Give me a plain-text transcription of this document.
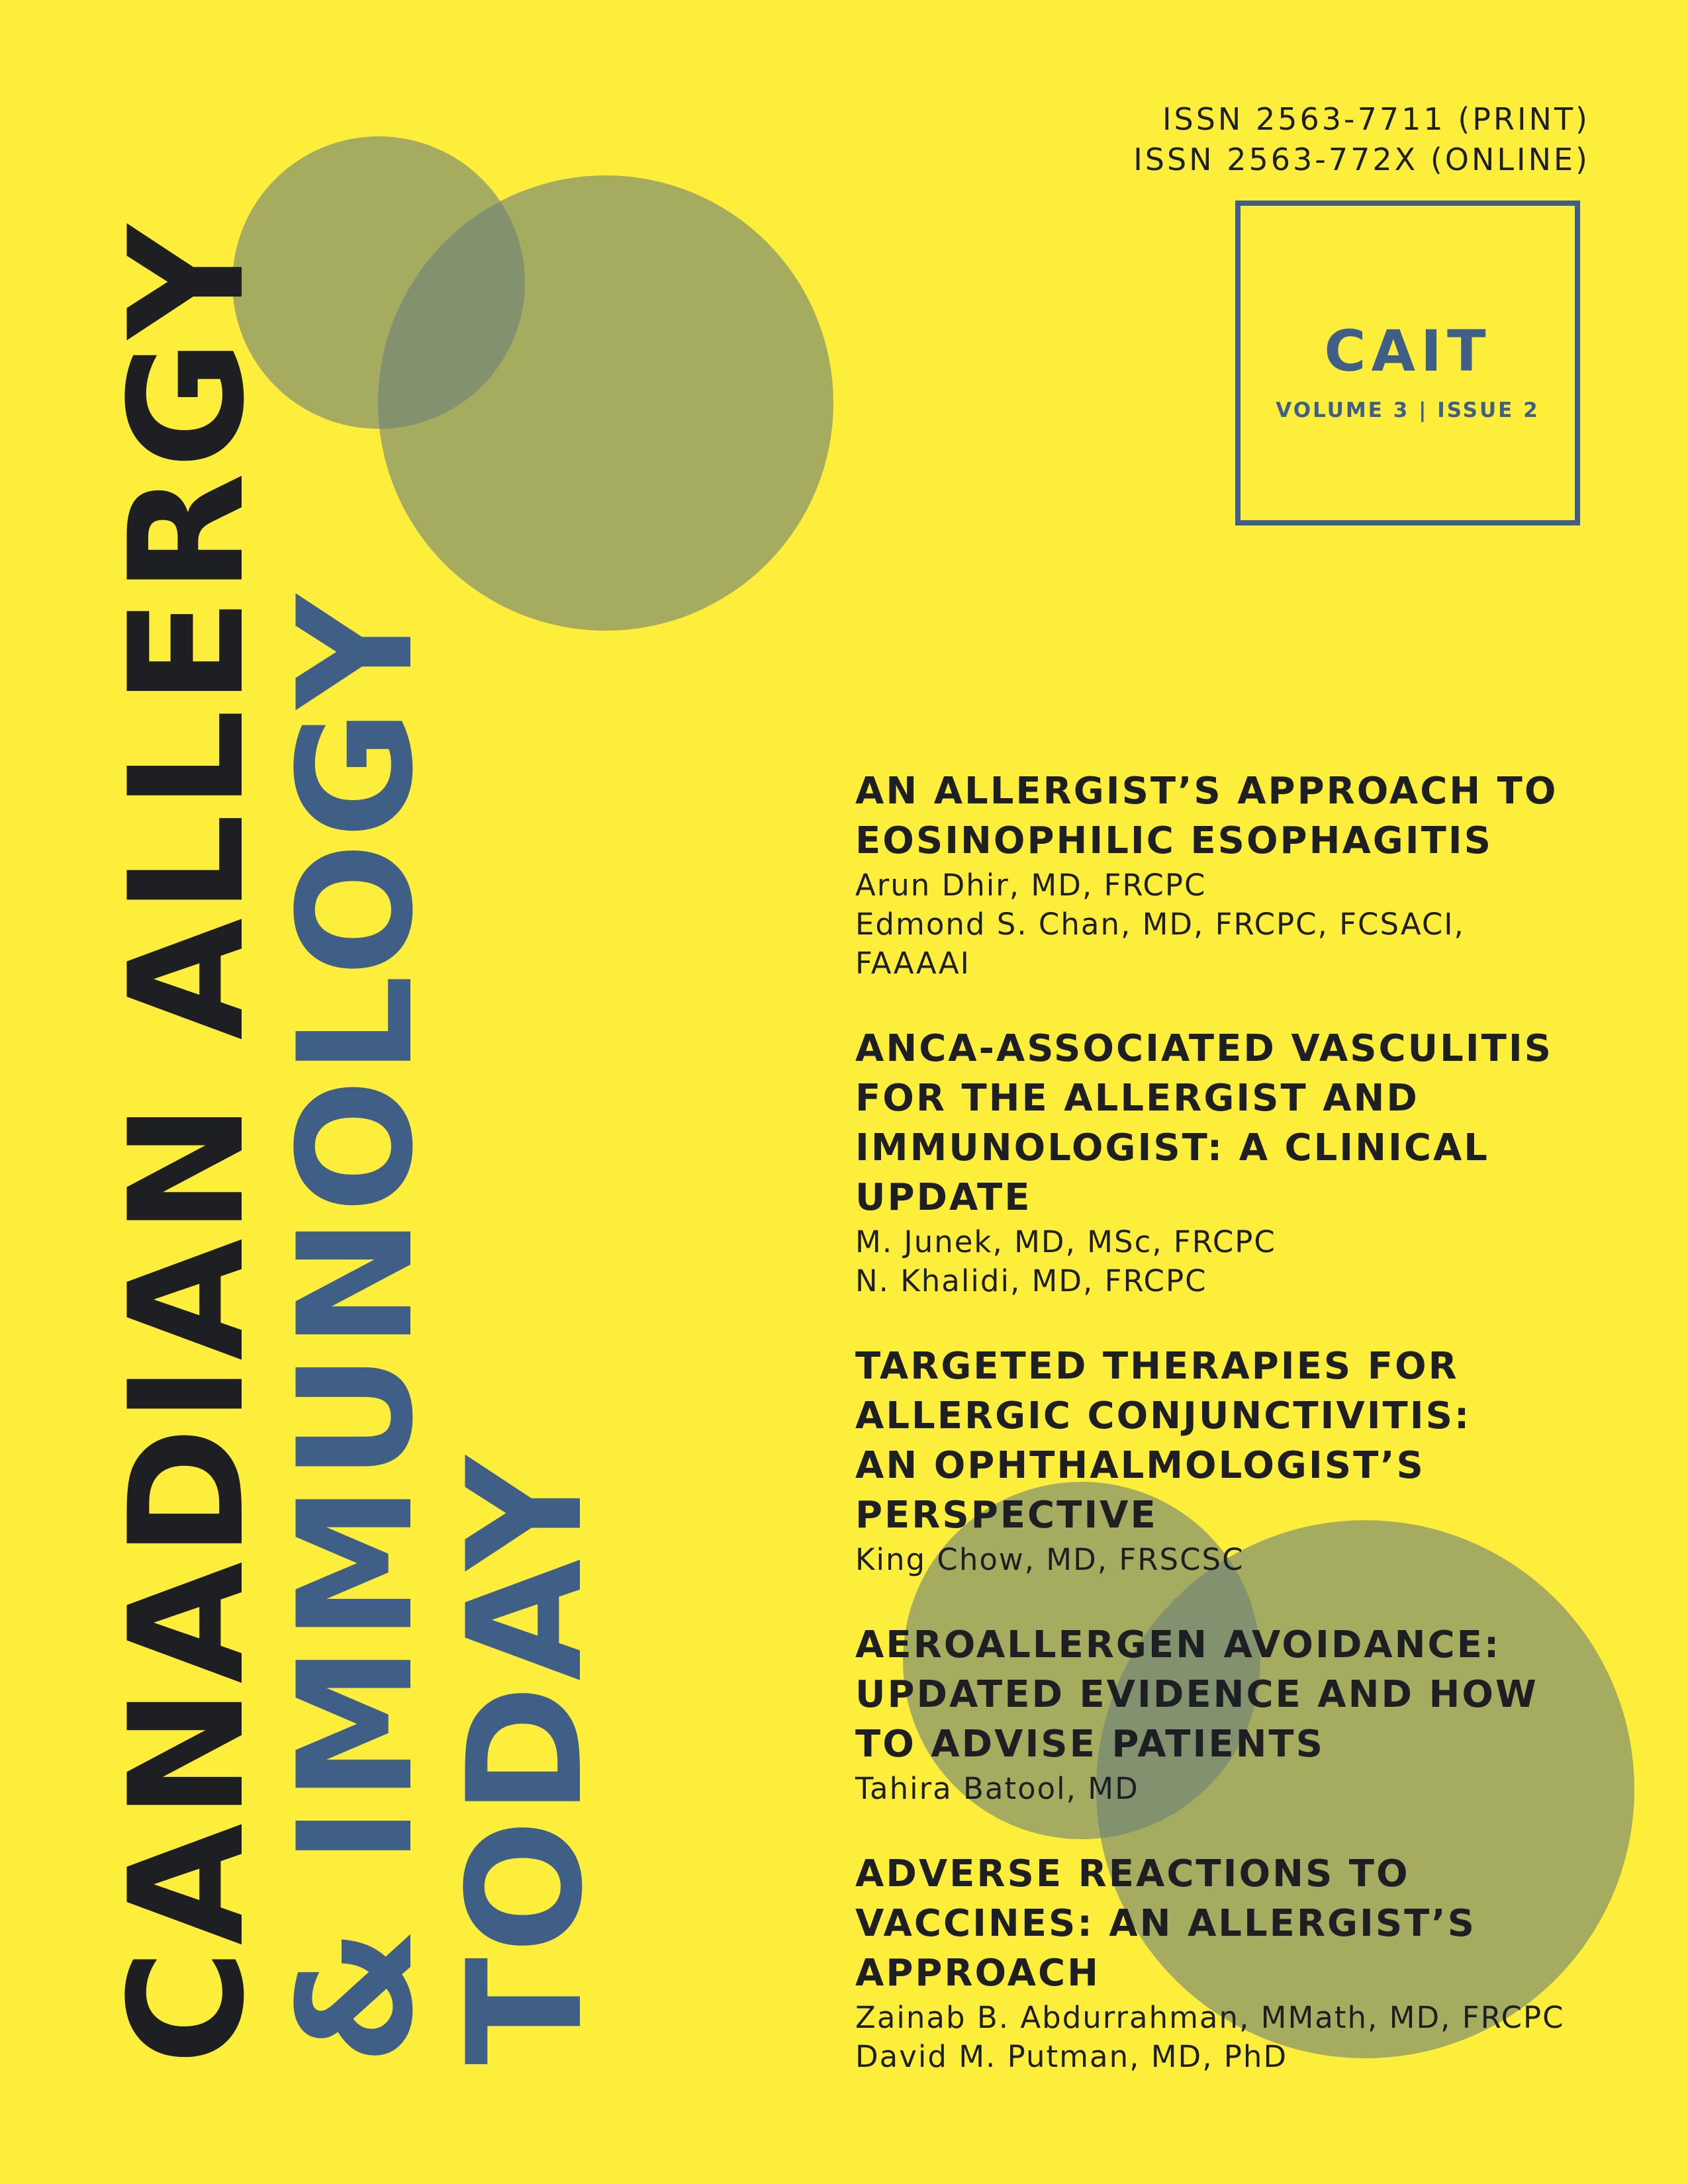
ISSN 2563-7711 (PRINT)
ISSN 2563-772X (ONLINE)
CAIT
VOLUME 3 | ISSUE 2
CANADIAN ALLERGY
& IMMUNOLOGY
TODAY
AN ALLERGIST’S APPROACH TO
EOSINOPHILIC ESOPHAGITIS
Arun Dhir, MD, FRCPC
Edmond S. Chan, MD, FRCPC, FCSACI,
FAAAAI
ANCA-ASSOCIATED VASCULITIS
FOR THE ALLERGIST AND
IMMUNOLOGIST: A CLINICAL
UPDATE
M. Junek, MD, MSc, FRCPC
N. Khalidi, MD, FRCPC
TARGETED THERAPIES FOR
ALLERGIC CONJUNCTIVITIS:
AN OPHTHALMOLOGIST’S
PERSPECTIVE
King Chow, MD, FRSCSC
AEROALLERGEN AVOIDANCE:
UPDATED EVIDENCE AND HOW
TO ADVISE PATIENTS
Tahira Batool, MD
ADVERSE REACTIONS TO
VACCINES: AN ALLERGIST’S
APPROACH
Zainab B. Abdurrahman, MMath, MD, FRCPC
David M. Putman, MD, PhD
